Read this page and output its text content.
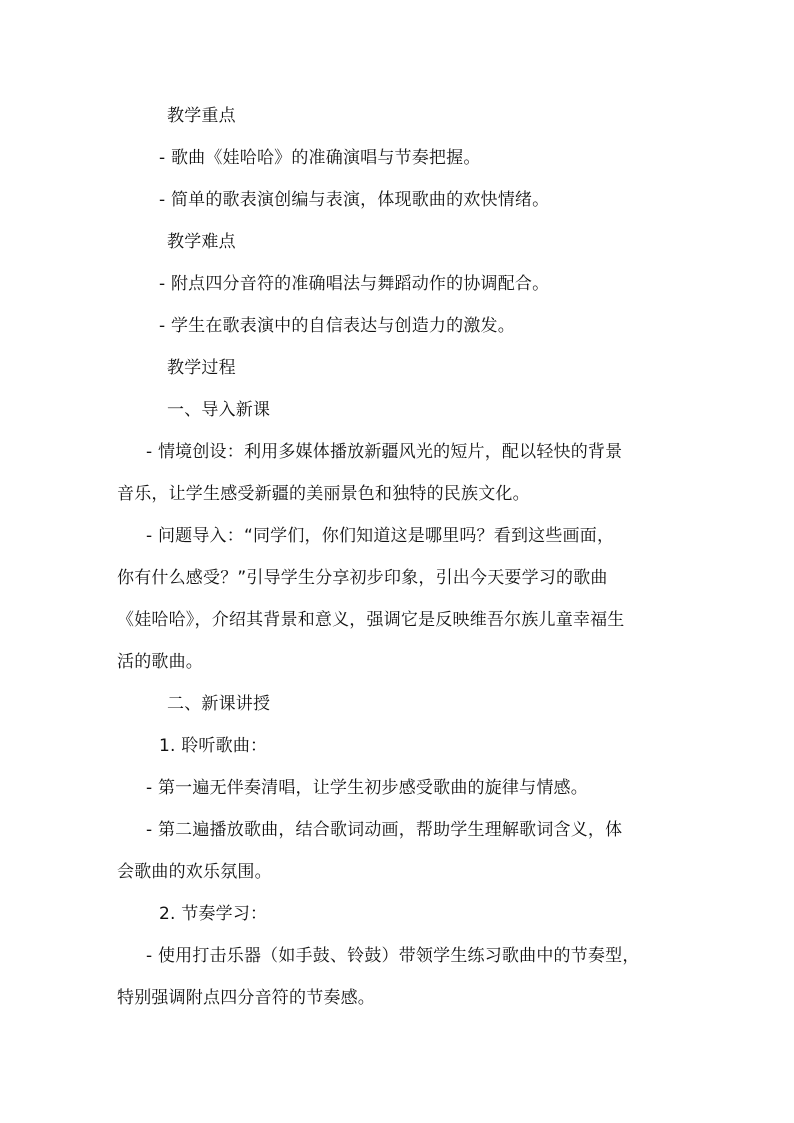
教学重点
- 歌曲《娃哈哈》的准确演唱与节奏把握。
- 简单的歌表演创编与表演，体现歌曲的欢快情绪。
教学难点
- 附点四分音符的准确唱法与舞蹈动作的协调配合。
- 学生在歌表演中的自信表达与创造力的激发。
教学过程
一、导入新课
- 情境创设：利用多媒体播放新疆风光的短片，配以轻快的背景
音乐，让学生感受新疆的美丽景色和独特的民族文化。
- 问题导入：“同学们，你们知道这是哪里吗？看到这些画面，
你有什么感受？”引导学生分享初步印象，引出今天要学习的歌曲
《娃哈哈》，介绍其背景和意义，强调它是反映维吾尔族儿童幸福生
活的歌曲。
二、新课讲授
1. 聆听歌曲：
- 第一遍无伴奏清唱，让学生初步感受歌曲的旋律与情感。
- 第二遍播放歌曲，结合歌词动画，帮助学生理解歌词含义，体
会歌曲的欢乐氛围。
2. 节奏学习：
- 使用打击乐器（如手鼓、铃鼓）带领学生练习歌曲中的节奏型，
特别强调附点四分音符的节奏感。
